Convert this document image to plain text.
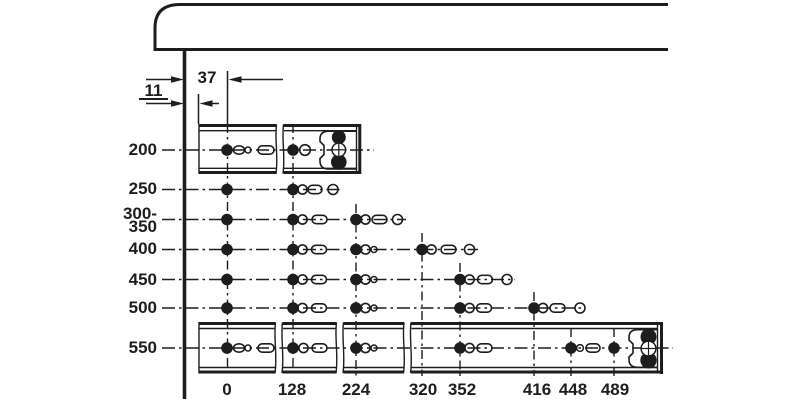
37
11
200
250
300-
350
400
450
500
550
0	128	224	320 352	416 448 489
